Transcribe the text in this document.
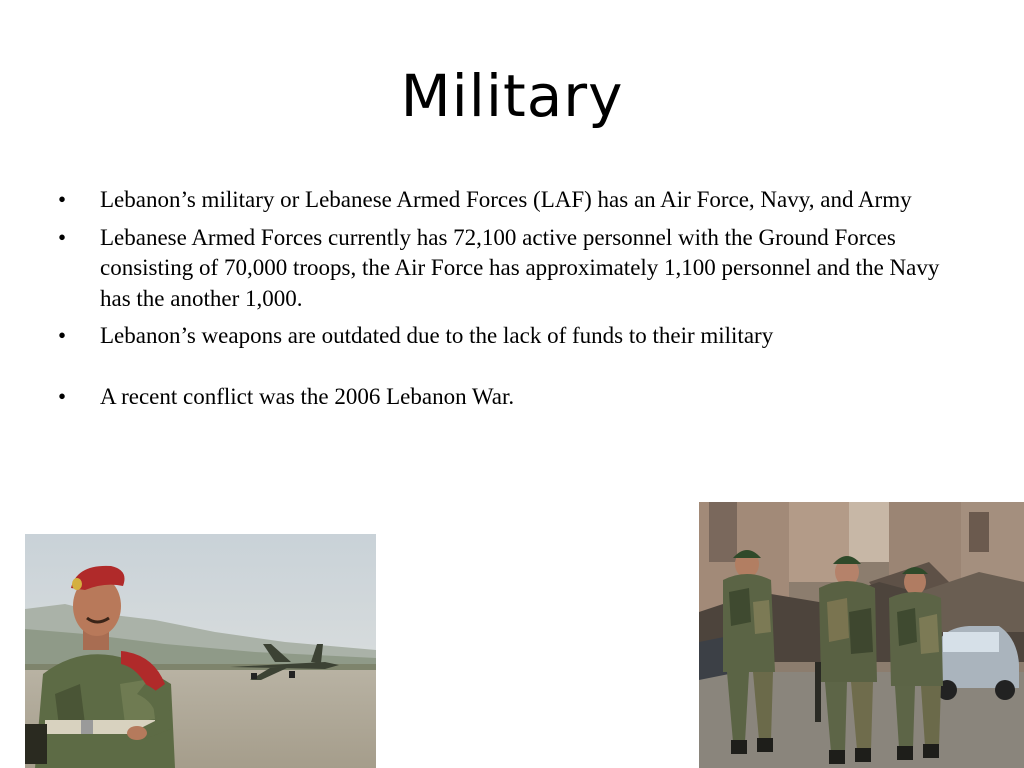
Military
•	Lebanon’s military or Lebanese Armed Forces (LAF) has an Air Force, Navy, and Army
•	Lebanese Armed Forces currently has 72,100 active personnel with the Ground Forces consisting of 70,000 troops, the Air Force has approximately 1,100 personnel and the Navy has the another 1,000.
•	Lebanon’s weapons are outdated due to the lack of funds to their military
•	A recent conflict was the 2006 Lebanon War.
